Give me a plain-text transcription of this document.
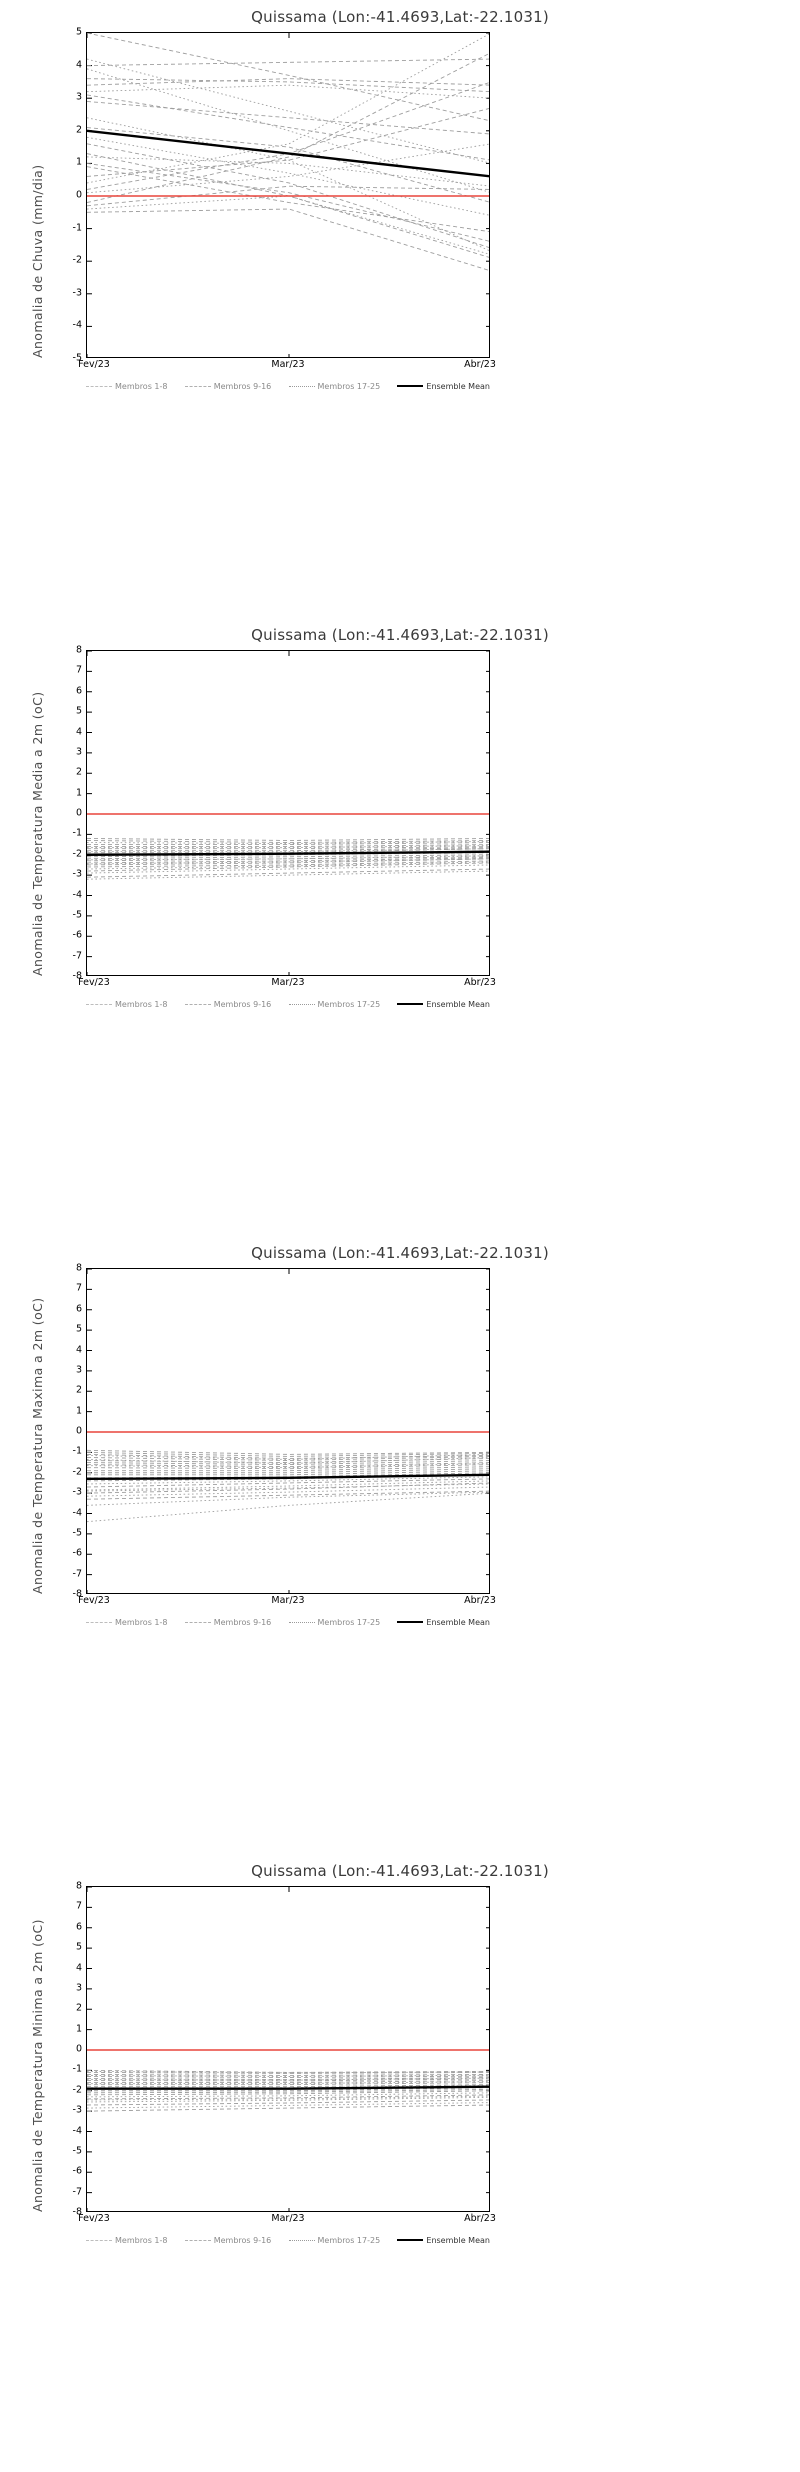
Quissama (Lon:-41.4693,Lat:-22.1031)
Anomalia de Chuva (mm/dia)	-5
-4
-3
-2
-1
0
1
2
3
4
5
Fev/23	Mar/23	Abr/23
Membros 1-8	Membros 9-16	Membros 17-25	Ensemble Mean
Quissama (Lon:-41.4693,Lat:-22.1031)
Anomalia de Temperatura Media a 2m (oC)	-8
-7
-6
-5
-4
-3
-2
-1
0
1
2
3
4
5
6
7
8
Fev/23	Mar/23	Abr/23
Membros 1-8	Membros 9-16	Membros 17-25	Ensemble Mean
Quissama (Lon:-41.4693,Lat:-22.1031)
Anomalia de Temperatura Maxima a 2m (oC)	-8
-7
-6
-5
-4
-3
-2
-1
0
1
2
3
4
5
6
7
8
Fev/23	Mar/23	Abr/23
Membros 1-8	Membros 9-16	Membros 17-25	Ensemble Mean
Quissama (Lon:-41.4693,Lat:-22.1031)
Anomalia de Temperatura Minima a 2m (oC)	-8
-7
-6
-5
-4
-3
-2
-1
0
1
2
3
4
5
6
7
8
Fev/23	Mar/23	Abr/23
Membros 1-8	Membros 9-16	Membros 17-25	Ensemble Mean
